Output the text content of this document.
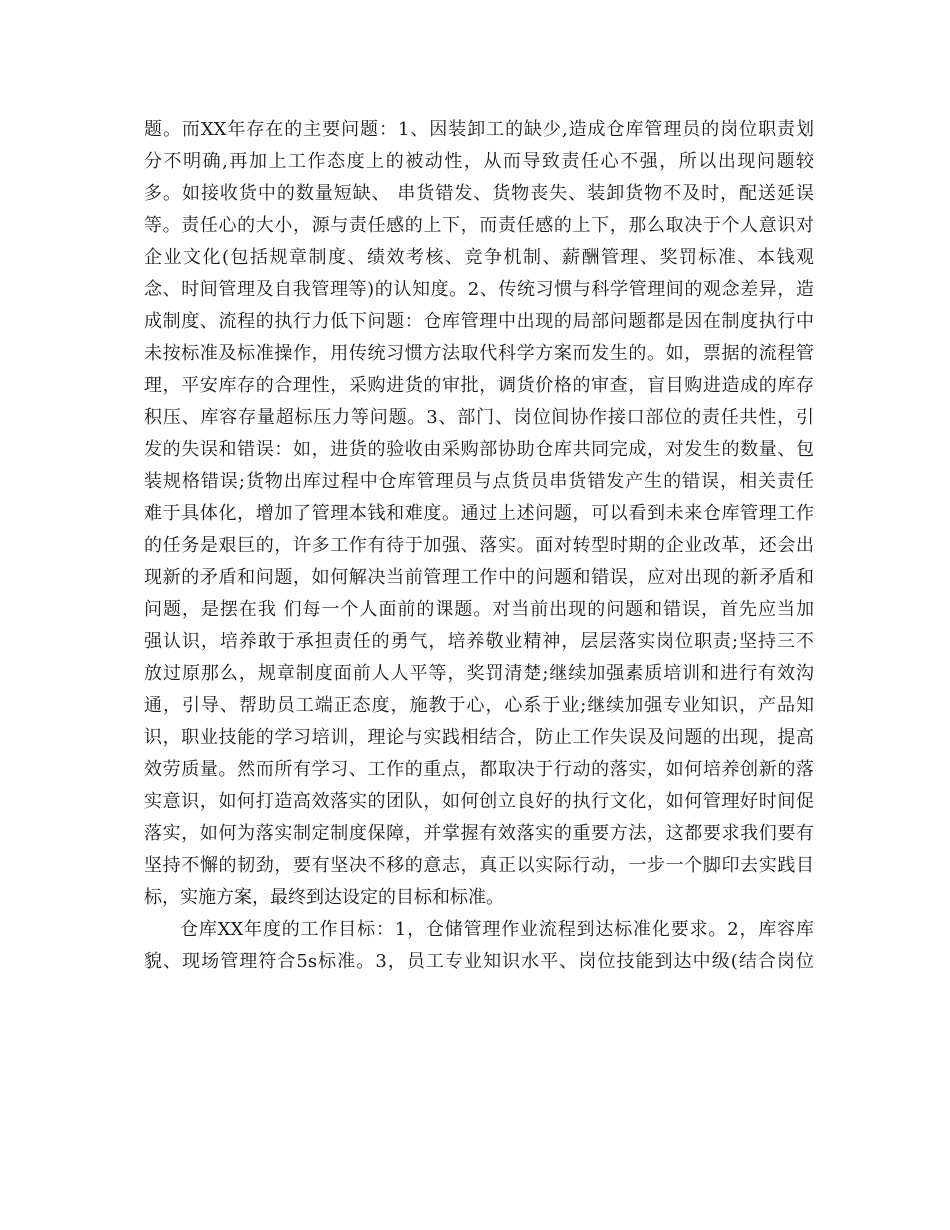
题。而XX年存在的主要问题：1、因装卸工的缺少,造成仓库管理员的岗位职责划
分不明确,再加上工作态度上的被动性，从而导致责任心不强，所以出现问题较
多。如接收货中的数量短缺、 串货错发、货物丧失、装卸货物不及时，配送延误
等。责任心的大小，源与责任感的上下，而责任感的上下，那么取决于个人意识对
企业文化(包括规章制度、绩效考核、竞争机制、薪酬管理、奖罚标准、本钱观
念、时间管理及自我管理等)的认知度。2、传统习惯与科学管理间的观念差异，造
成制度、流程的执行力低下问题：仓库管理中出现的局部问题都是因在制度执行中
未按标准及标准操作，用传统习惯方法取代科学方案而发生的。如，票据的流程管
理，平安库存的合理性，采购进货的审批，调货价格的审查，盲目购进造成的库存
积压、库容存量超标压力等问题。3、部门、岗位间协作接口部位的责任共性，引
发的失误和错误：如，进货的验收由采购部协助仓库共同完成，对发生的数量、包
装规格错误;货物出库过程中仓库管理员与点货员串货错发产生的错误，相关责任
难于具体化，增加了管理本钱和难度。通过上述问题，可以看到未来仓库管理工作
的任务是艰巨的，许多工作有待于加强、落实。面对转型时期的企业改革，还会出
现新的矛盾和问题，如何解决当前管理工作中的问题和错误，应对出现的新矛盾和
问题，是摆在我 们每一个人面前的课题。对当前出现的问题和错误，首先应当加
强认识，培养敢于承担责任的勇气，培养敬业精神，层层落实岗位职责;坚持三不
放过原那么，规章制度面前人人平等，奖罚清楚;继续加强素质培训和进行有效沟
通，引导、帮助员工端正态度，施教于心，心系于业;继续加强专业知识，产品知
识，职业技能的学习培训，理论与实践相结合，防止工作失误及问题的出现，提高
效劳质量。然而所有学习、工作的重点，都取决于行动的落实，如何培养创新的落
实意识，如何打造高效落实的团队，如何创立良好的执行文化，如何管理好时间促
落实，如何为落实制定制度保障，并掌握有效落实的重要方法，这都要求我们要有
坚持不懈的韧劲，要有坚决不移的意志，真正以实际行动，一步一个脚印去实践目
标，实施方案，最终到达设定的目标和标准。
仓库XX年度的工作目标：1，仓储管理作业流程到达标准化要求。2，库容库
貌、现场管理符合5s标准。3，员工专业知识水平、岗位技能到达中级(结合岗位
